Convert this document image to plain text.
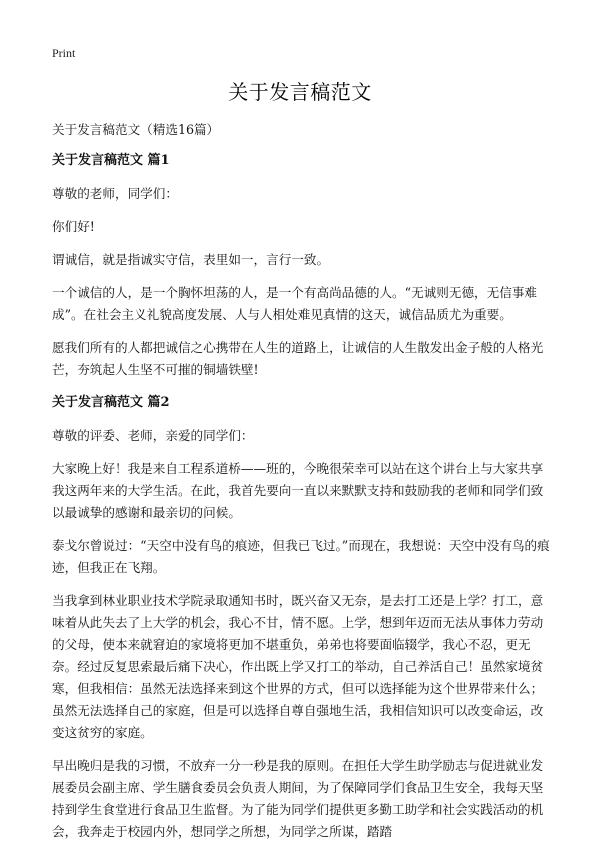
Print
关于发言稿范文

关于发言稿范文（精选16篇）

关于发言稿范文 篇1

尊敬的老师，同学们：

你们好!

谓诚信，就是指诚实守信，表里如一，言行一致。

一个诚信的人，是一个胸怀坦荡的人，是一个有高尚品德的人。“无诚则无德，无信事难成”。在社会主义礼貌高度发展、人与人相处难见真情的这天，诚信品质尤为重要。

愿我们所有的人都把诚信之心携带在人生的道路上，让诚信的人生散发出金子般的人格光芒，夯筑起人生坚不可摧的铜墙铁壁!

关于发言稿范文 篇2

尊敬的评委、老师，亲爱的同学们：

大家晚上好！我是来自工程系道桥——班的，今晚很荣幸可以站在这个讲台上与大家共享我这两年来的大学生活。在此，我首先要向一直以来默默支持和鼓励我的老师和同学们致以最诚挚的感谢和最亲切的问候。

泰戈尔曾说过：“天空中没有鸟的痕迹，但我已飞过。”而现在，我想说：天空中没有鸟的痕迹，但我正在飞翔。

当我拿到林业职业技术学院录取通知书时，既兴奋又无奈，是去打工还是上学？打工，意味着从此失去了上大学的机会，我心不甘，情不愿。上学，想到年迈而无法从事体力劳动的父母，使本来就窘迫的家境将更加不堪重负，弟弟也将要面临辍学，我心不忍，更无奈。经过反复思索最后痛下决心，作出既上学又打工的举动，自己养活自己！虽然家境贫寒，但我相信：虽然无法选择来到这个世界的方式，但可以选择能为这个世界带来什么；虽然无法选择自己的家庭，但是可以选择自尊自强地生活，我相信知识可以改变命运，改变这贫穷的家庭。

早出晚归是我的习惯，不放弃一分一秒是我的原则。在担任大学生助学励志与促进就业发展委员会副主席、学生膳食委员会负责人期间，为了保障同学们食品卫生安全，我每天坚持到学生食堂进行食品卫生监督。为了能为同学们提供更多勤工助学和社会实践活动的机会，我奔走于校园内外，想同学之所想，为同学之所谋，踏踏
